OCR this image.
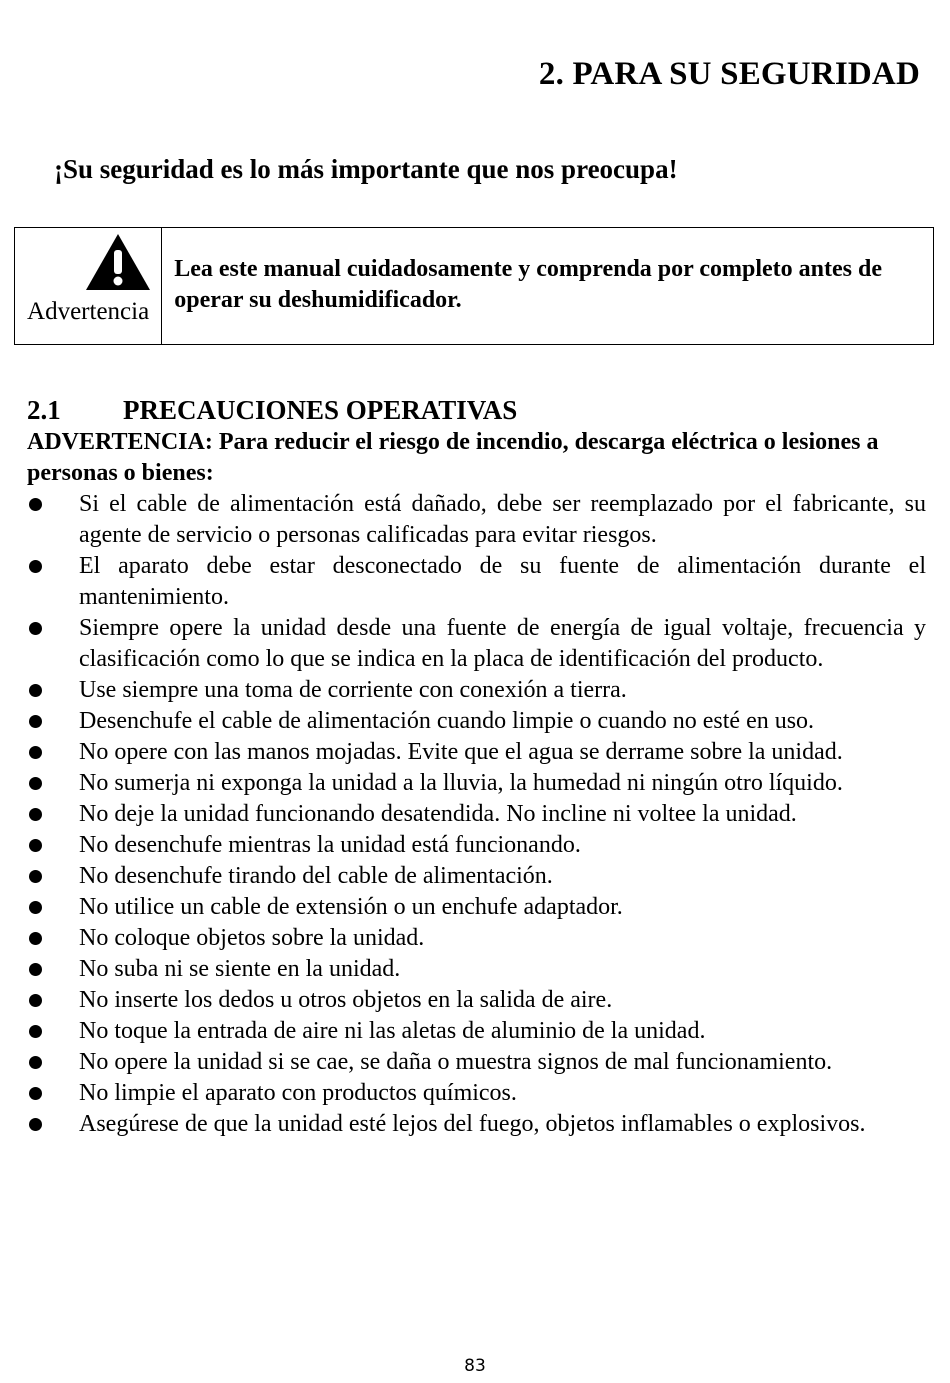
2. PARA SU SEGURIDAD

¡Su seguridad es lo más importante que nos preocupa!

Advertencia
Lea este manual cuidadosamente y comprenda por completo antes de operar su deshumidificador.
2.1 PRECAUCIONES OPERATIVAS

ADVERTENCIA: Para reducir el riesgo de incendio, descarga eléctrica o lesiones a personas o bienes:

Si el cable de alimentación está dañado, debe ser reemplazado por el fabricante, su agente de servicio o personas calificadas para evitar riesgos.
El aparato debe estar desconectado de su fuente de alimentación durante el mantenimiento.
Siempre opere la unidad desde una fuente de energía de igual voltaje, frecuencia y clasificación como lo que se indica en la placa de identificación del producto.
Use siempre una toma de corriente con conexión a tierra.
Desenchufe el cable de alimentación cuando limpie o cuando no esté en uso.
No opere con las manos mojadas. Evite que el agua se derrame sobre la unidad.
No sumerja ni exponga la unidad a la lluvia, la humedad ni ningún otro líquido.
No deje la unidad funcionando desatendida. No incline ni voltee la unidad.
No desenchufe mientras la unidad está funcionando.
No desenchufe tirando del cable de alimentación.
No utilice un cable de extensión o un enchufe adaptador.
No coloque objetos sobre la unidad.
No suba ni se siente en la unidad.
No inserte los dedos u otros objetos en la salida de aire.
No toque la entrada de aire ni las aletas de aluminio de la unidad.
No opere la unidad si se cae, se daña o muestra signos de mal funcionamiento.
No limpie el aparato con productos químicos.
Asegúrese de que la unidad esté lejos del fuego, objetos inflamables o explosivos.
83
